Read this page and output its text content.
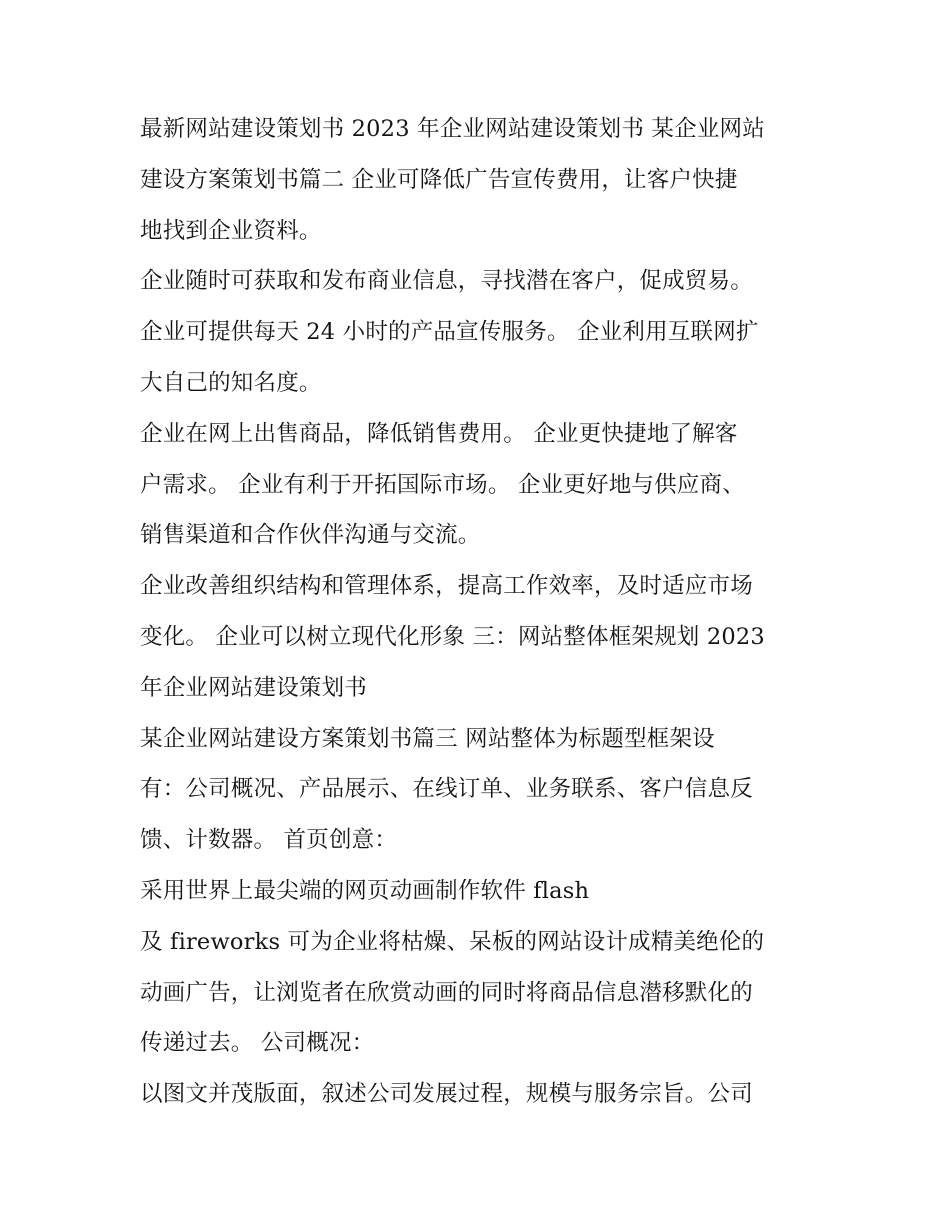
最新网站建设策划书 2023 年企业网站建设策划书 某企业网站
建设方案策划书篇二 企业可降低广告宣传费用，让客户快捷
地找到企业资料。
企业随时可获取和发布商业信息，寻找潜在客户，促成贸易。
企业可提供每天 24 小时的产品宣传服务。 企业利用互联网扩
大自己的知名度。
企业在网上出售商品，降低销售费用。 企业更快捷地了解客
户需求。 企业有利于开拓国际市场。 企业更好地与供应商、
销售渠道和合作伙伴沟通与交流。
企业改善组织结构和管理体系，提高工作效率，及时适应市场
变化。 企业可以树立现代化形象 三：网站整体框架规划 2023
年企业网站建设策划书
某企业网站建设方案策划书篇三 网站整体为标题型框架设
有：公司概况、产品展示、在线订单、业务联系、客户信息反
馈、计数器。 首页创意：
采用世界上最尖端的网页动画制作软件 flash
及 fireworks 可为企业将枯燥、呆板的网站设计成精美绝伦的
动画广告，让浏览者在欣赏动画的同时将商品信息潜移默化的
传递过去。 公司概况：
以图文并茂版面，叙述公司发展过程，规模与服务宗旨。公司
